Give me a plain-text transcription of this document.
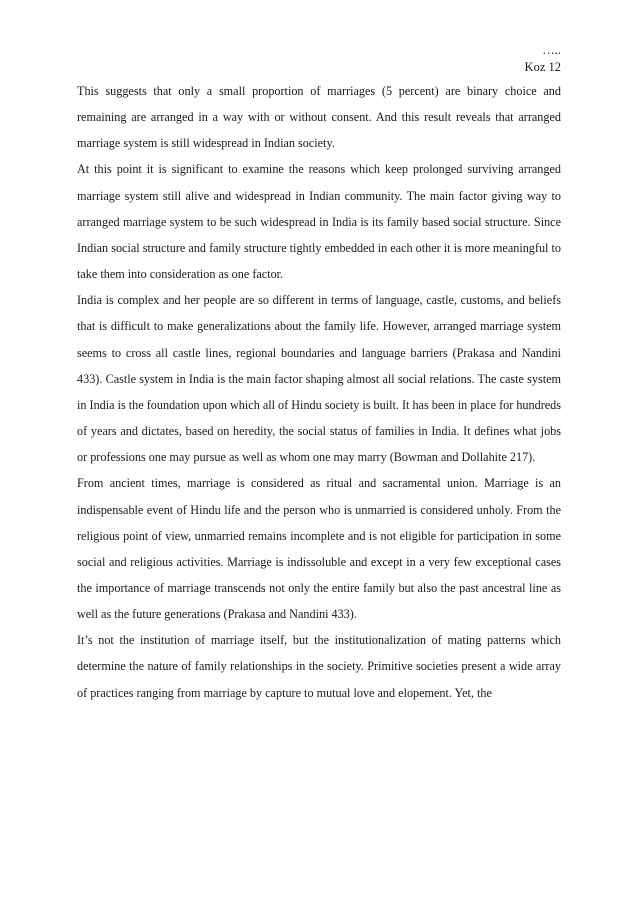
…..
Koz 12

This suggests that only a small proportion of marriages (5 percent) are binary choice and remaining are arranged in a way with or without consent. And this result reveals that arranged marriage system is still widespread in Indian society.

At this point it is significant to examine the reasons which keep prolonged surviving arranged marriage system still alive and widespread in Indian community. The main factor giving way to arranged marriage system to be such widespread in India is its family based social structure. Since Indian social structure and family structure tightly embedded in each other it is more meaningful to take them into consideration as one factor.

India is complex and her people are so different in terms of language, castle, customs, and beliefs that is difficult to make generalizations about the family life. However, arranged marriage system seems to cross all castle lines, regional boundaries and language barriers (Prakasa and Nandini 433). Castle system in India is the main factor shaping almost all social relations. The caste system in India is the foundation upon which all of Hindu society is built. It has been in place for hundreds of years and dictates, based on heredity, the social status of families in India. It defines what jobs or professions one may pursue as well as whom one may marry (Bowman and Dollahite 217).

From ancient times, marriage is considered as ritual and sacramental union. Marriage is an indispensable event of Hindu life and the person who is unmarried is considered unholy. From the religious point of view, unmarried remains incomplete and is not eligible for participation in some social and religious activities. Marriage is indissoluble and except in a very few exceptional cases the importance of marriage transcends not only the entire family but also the past ancestral line as well as the future generations (Prakasa and Nandini 433).

It’s not the institution of marriage itself, but the institutionalization of mating patterns which determine the nature of family relationships in the society. Primitive societies present a wide array of practices ranging from marriage by capture to mutual love and elopement. Yet, the
